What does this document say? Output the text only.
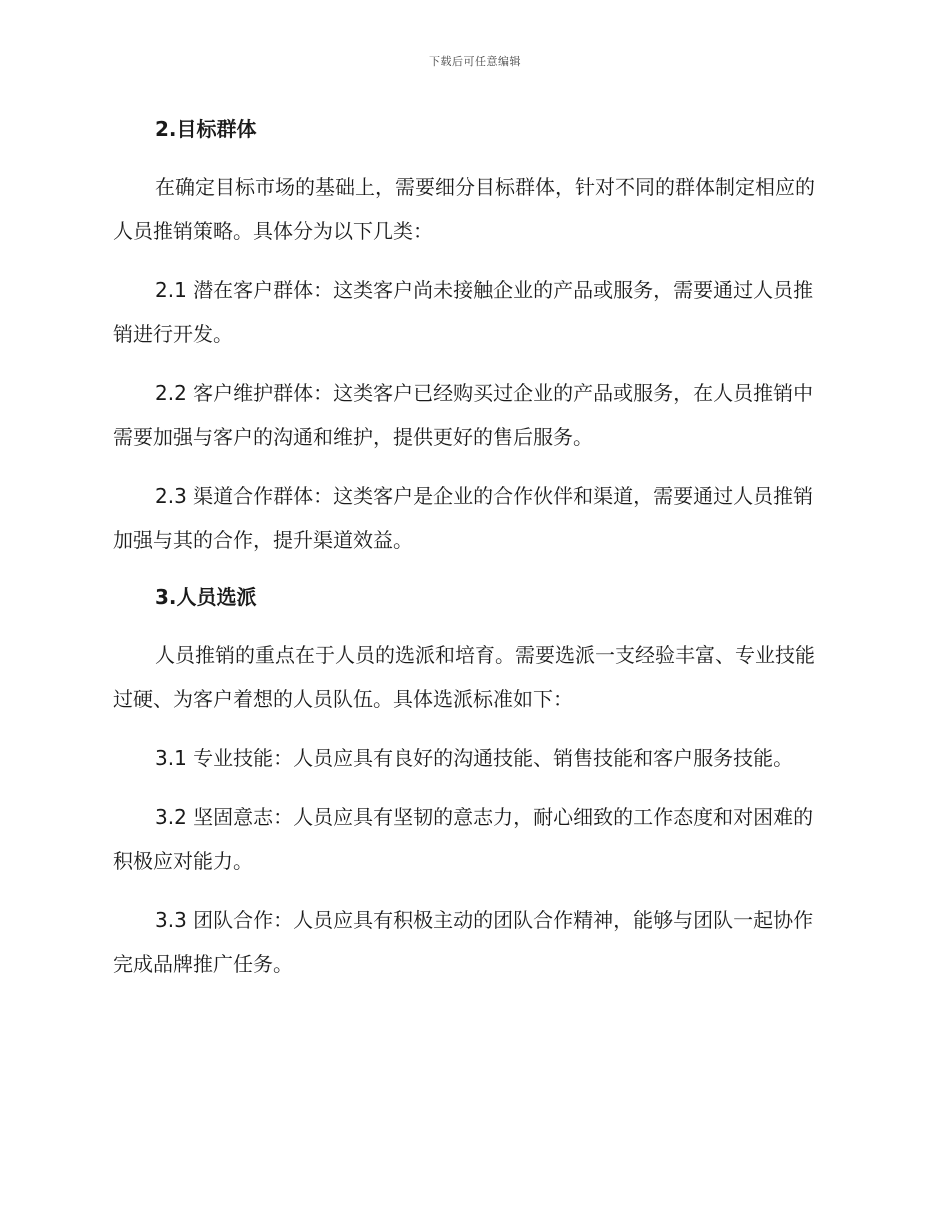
下载后可任意编辑
2.目标群体

在确定目标市场的基础上，需要细分目标群体，针对不同的群体制定相应的人员推销策略。具体分为以下几类：

2.1 潜在客户群体：这类客户尚未接触企业的产品或服务，需要通过人员推销进行开发。

2.2 客户维护群体：这类客户已经购买过企业的产品或服务，在人员推销中需要加强与客户的沟通和维护，提供更好的售后服务。

2.3 渠道合作群体：这类客户是企业的合作伙伴和渠道，需要通过人员推销加强与其的合作，提升渠道效益。

3.人员选派

人员推销的重点在于人员的选派和培育。需要选派一支经验丰富、专业技能过硬、为客户着想的人员队伍。具体选派标准如下：

3.1 专业技能：人员应具有良好的沟通技能、销售技能和客户服务技能。

3.2 坚固意志：人员应具有坚韧的意志力，耐心细致的工作态度和对困难的积极应对能力。

3.3 团队合作：人员应具有积极主动的团队合作精神，能够与团队一起协作完成品牌推广任务。
